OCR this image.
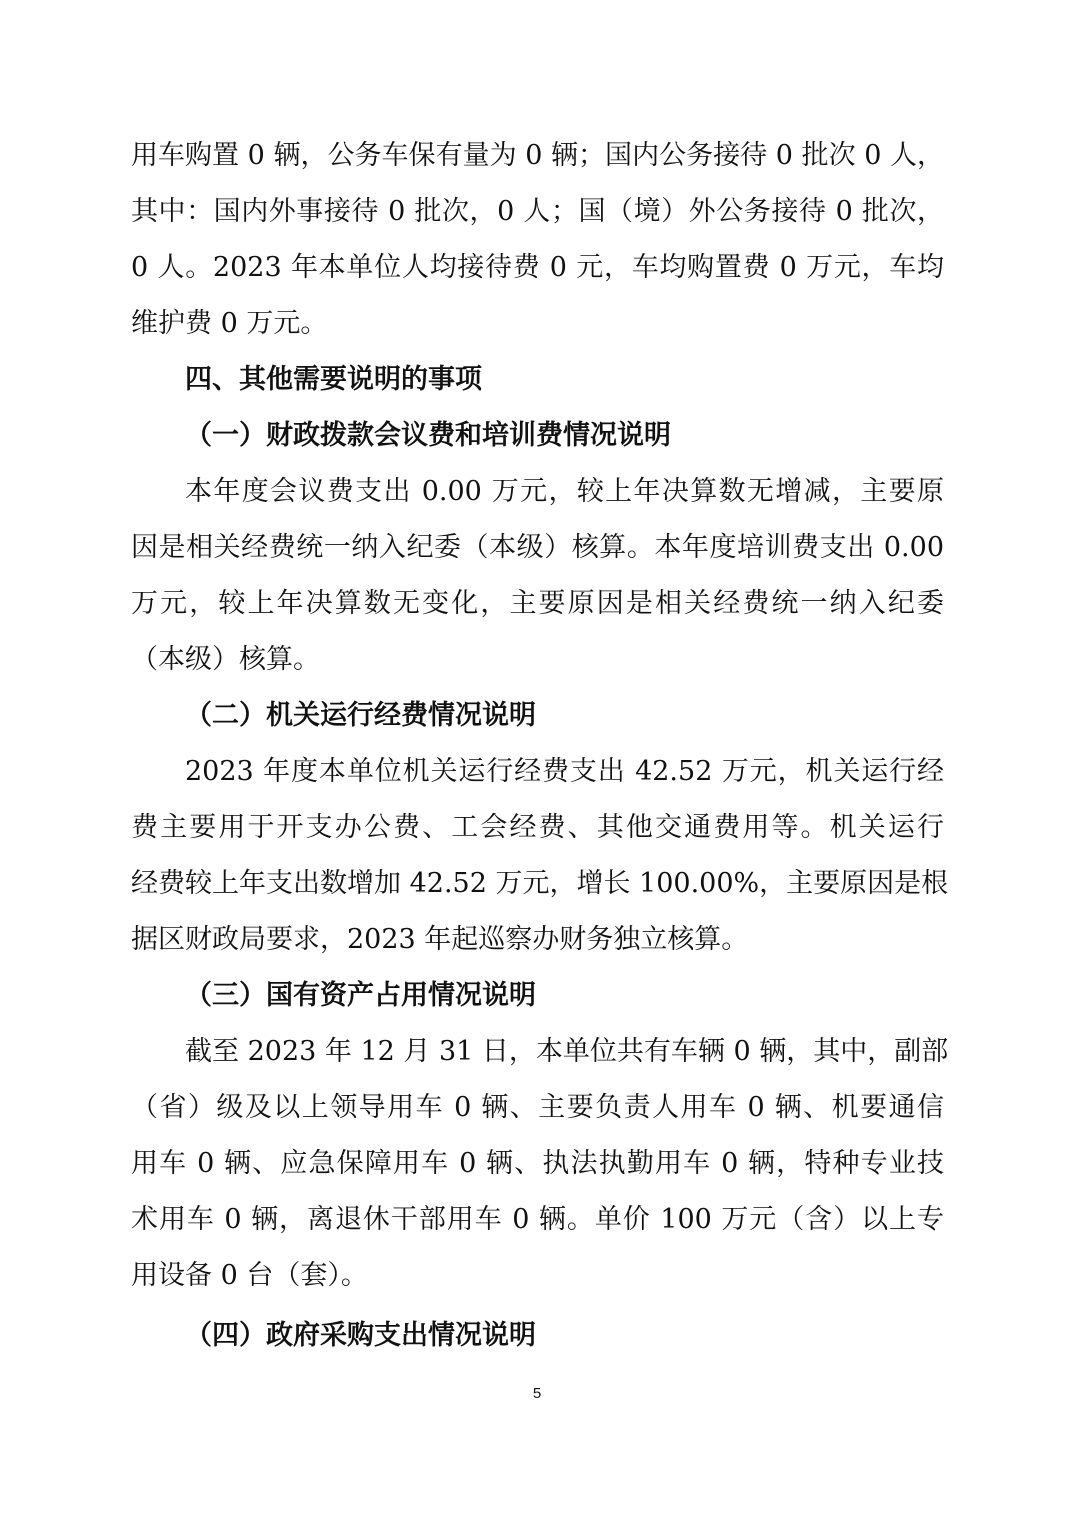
用车购置 0 辆，公务车保有量为 0 辆；国内公务接待 0 批次 0 人，
其中：国内外事接待 0 批次，0 人；国（境）外公务接待 0 批次，
0 人。2023 年本单位人均接待费 0 元，车均购置费 0 万元，车均
维护费 0 万元。
四、其他需要说明的事项
（一）财政拨款会议费和培训费情况说明
本年度会议费支出 0.00 万元，较上年决算数无增减，主要原
因是相关经费统一纳入纪委（本级）核算。本年度培训费支出 0.00
万元，较上年决算数无变化，主要原因是相关经费统一纳入纪委
（本级）核算。
（二）机关运行经费情况说明
2023 年度本单位机关运行经费支出 42.52 万元，机关运行经
费主要用于开支办公费、工会经费、其他交通费用等。机关运行
经费较上年支出数增加 42.52 万元，增长 100.00%，主要原因是根
据区财政局要求，2023 年起巡察办财务独立核算。
（三）国有资产占用情况说明
截至 2023 年 12 月 31 日，本单位共有车辆 0 辆，其中，副部
（省）级及以上领导用车 0 辆、主要负责人用车 0 辆、机要通信
用车 0 辆、应急保障用车 0 辆、执法执勤用车 0 辆，特种专业技
术用车 0 辆，离退休干部用车 0 辆。单价 100 万元（含）以上专
用设备 0 台（套）。
（四）政府采购支出情况说明
5
